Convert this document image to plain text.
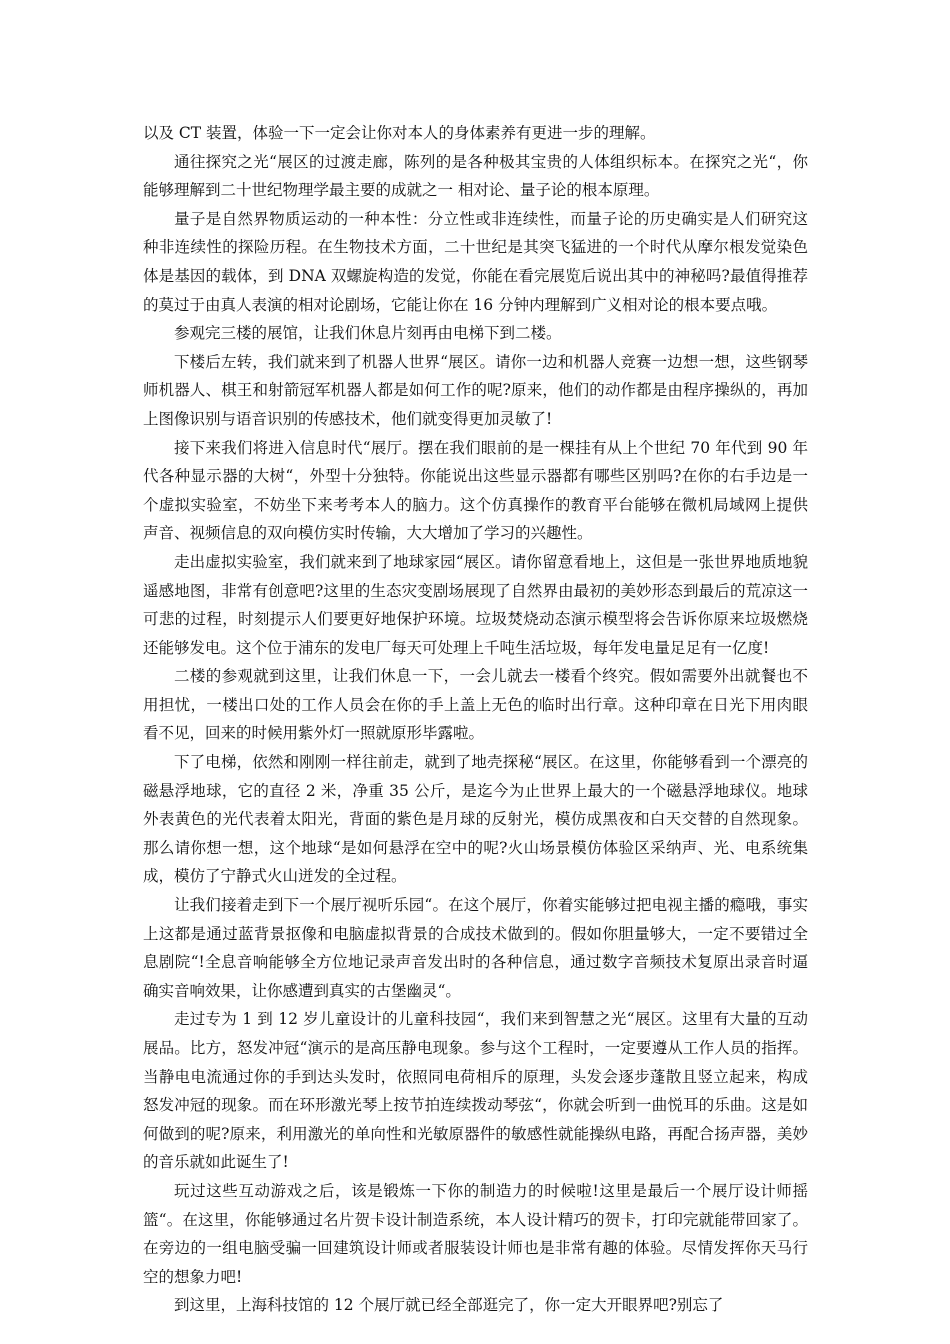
以及 CT 装置，体验一下一定会让你对本人的身体素养有更进一步的理解。

通往探究之光“展区的过渡走廊，陈列的是各种极其宝贵的人体组织标本。在探究之光“，你能够理解到二十世纪物理学最主要的成就之一 相对论、量子论的根本原理。

量子是自然界物质运动的一种本性：分立性或非连续性，而量子论的历史确实是人们研究这种非连续性的探险历程。在生物技术方面，二十世纪是其突飞猛进的一个时代从摩尔根发觉染色体是基因的载体，到 DNA 双螺旋构造的发觉，你能在看完展览后说出其中的神秘吗?最值得推荐的莫过于由真人表演的相对论剧场，它能让你在 16 分钟内理解到广义相对论的根本要点哦。

参观完三楼的展馆，让我们休息片刻再由电梯下到二楼。

下楼后左转，我们就来到了机器人世界“展区。请你一边和机器人竞赛一边想一想，这些钢琴师机器人、棋王和射箭冠军机器人都是如何工作的呢?原来，他们的动作都是由程序操纵的，再加上图像识别与语音识别的传感技术，他们就变得更加灵敏了!

接下来我们将进入信息时代“展厅。摆在我们眼前的是一棵挂有从上个世纪 70 年代到 90 年代各种显示器的大树“，外型十分独特。你能说出这些显示器都有哪些区别吗?在你的右手边是一个虚拟实验室，不妨坐下来考考本人的脑力。这个仿真操作的教育平台能够在微机局域网上提供声音、视频信息的双向模仿实时传输，大大增加了学习的兴趣性。

走出虚拟实验室，我们就来到了地球家园“展区。请你留意看地上，这但是一张世界地质地貌遥感地图，非常有创意吧?这里的生态灾变剧场展现了自然界由最初的美妙形态到最后的荒凉这一可悲的过程，时刻提示人们要更好地保护环境。垃圾焚烧动态演示模型将会告诉你原来垃圾燃烧还能够发电。这个位于浦东的发电厂每天可处理上千吨生活垃圾，每年发电量足足有一亿度!

二楼的参观就到这里，让我们休息一下，一会儿就去一楼看个终究。假如需要外出就餐也不用担忧，一楼出口处的工作人员会在你的手上盖上无色的临时出行章。这种印章在日光下用肉眼看不见，回来的时候用紫外灯一照就原形毕露啦。

下了电梯，依然和刚刚一样往前走，就到了地壳探秘“展区。在这里，你能够看到一个漂亮的磁悬浮地球，它的直径 2 米，净重 35 公斤，是迄今为止世界上最大的一个磁悬浮地球仪。地球外表黄色的光代表着太阳光，背面的紫色是月球的反射光，模仿成黑夜和白天交替的自然现象。那么请你想一想，这个地球“是如何悬浮在空中的呢?火山场景模仿体验区采纳声、光、电系统集成，模仿了宁静式火山迸发的全过程。

让我们接着走到下一个展厅视听乐园“。在这个展厅，你着实能够过把电视主播的瘾哦，事实上这都是通过蓝背景抠像和电脑虚拟背景的合成技术做到的。假如你胆量够大，一定不要错过全息剧院“!全息音响能够全方位地记录声音发出时的各种信息，通过数字音频技术复原出录音时逼确实音响效果，让你感遭到真实的古堡幽灵“。

走过专为 1 到 12 岁儿童设计的儿童科技园“，我们来到智慧之光“展区。这里有大量的互动展品。比方，怒发冲冠“演示的是高压静电现象。参与这个工程时，一定要遵从工作人员的指挥。当静电电流通过你的手到达头发时，依照同电荷相斥的原理，头发会逐步蓬散且竖立起来，构成怒发冲冠的现象。而在环形激光琴上按节拍连续拨动琴弦“，你就会听到一曲悦耳的乐曲。这是如何做到的呢?原来，利用激光的单向性和光敏原器件的敏感性就能操纵电路，再配合扬声器，美妙的音乐就如此诞生了!

玩过这些互动游戏之后，该是锻炼一下你的制造力的时候啦!这里是最后一个展厅设计师摇篮“。在这里，你能够通过名片贺卡设计制造系统，本人设计精巧的贺卡，打印完就能带回家了。在旁边的一组电脑受骗一回建筑设计师或者服装设计师也是非常有趣的体验。尽情发挥你天马行空的想象力吧!

到这里，上海科技馆的 12 个展厅就已经全部逛完了，你一定大开眼界吧?别忘了
